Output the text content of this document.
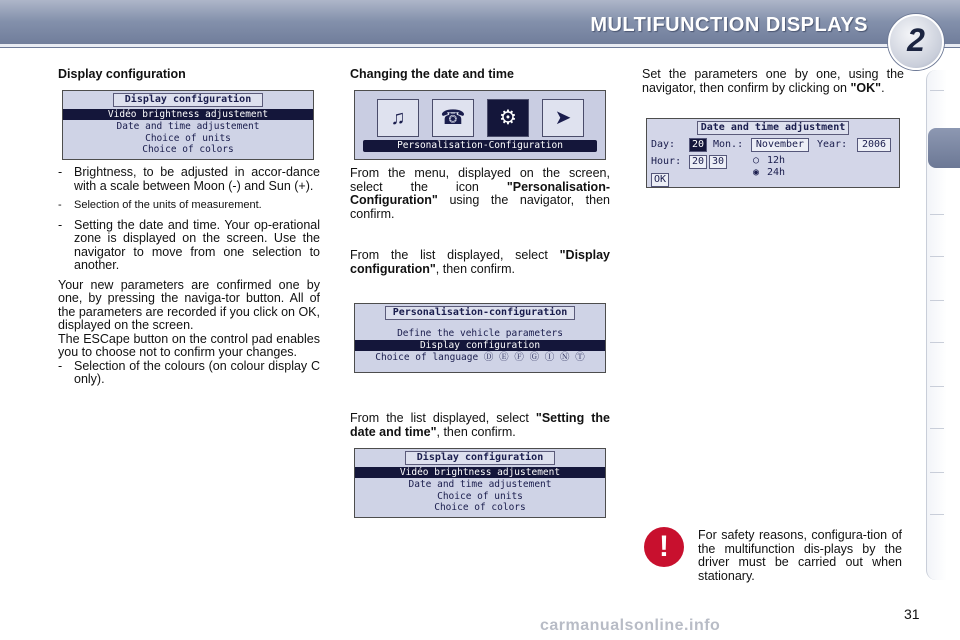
MULTIFUNCTION DISPLAYS	2

Display configuration

Display configuration
Vidéo brightness adjustement
Date and time adjustement
Choice of units
Choice of colors
- Brightness, to be adjusted in accor-dance with a scale between Moon (-) and Sun (+).
- Selection of the units of measurement.
- Setting the date and time. Your op-erational zone is displayed on the screen. Use the navigator to move from one selection to another.

Your new parameters are confirmed one by one, by pressing the naviga-tor button. All of the parameters are recorded if you click on OK, displayed on the screen.

The ESCape button on the control pad enables you to choose not to confirm your changes.

- Selection of the colours (on colour display C only).

Changing the date and time

♫	☎	⚙	➤
Personalisation-Configuration

From the menu, displayed on the screen, select the icon "Personalisation-Configuration" using the navigator, then confirm.

From the list displayed, select "Display configuration", then confirm.

Personalisation-configuration
Define the vehicle parameters
Display configuration
Choice of language Ⓓ Ⓔ Ⓕ Ⓖ Ⓘ Ⓝ Ⓣ

From the list displayed, select "Setting the date and time", then confirm.

Display configuration
Vidéo brightness adjustement
Date and time adjustement
Choice of units
Choice of colors

Set the parameters one by one, using the navigator, then confirm by clicking on "OK".

Date and time adjustment
Day: 20 Mon.:	November	Year:	2006
Hour: 20 30	○ 12h
◉ 24h
OK
!	For safety reasons, configura-tion of the multifunction dis-plays by the driver must be carried out when stationary.

31
carmanualsonline.info
